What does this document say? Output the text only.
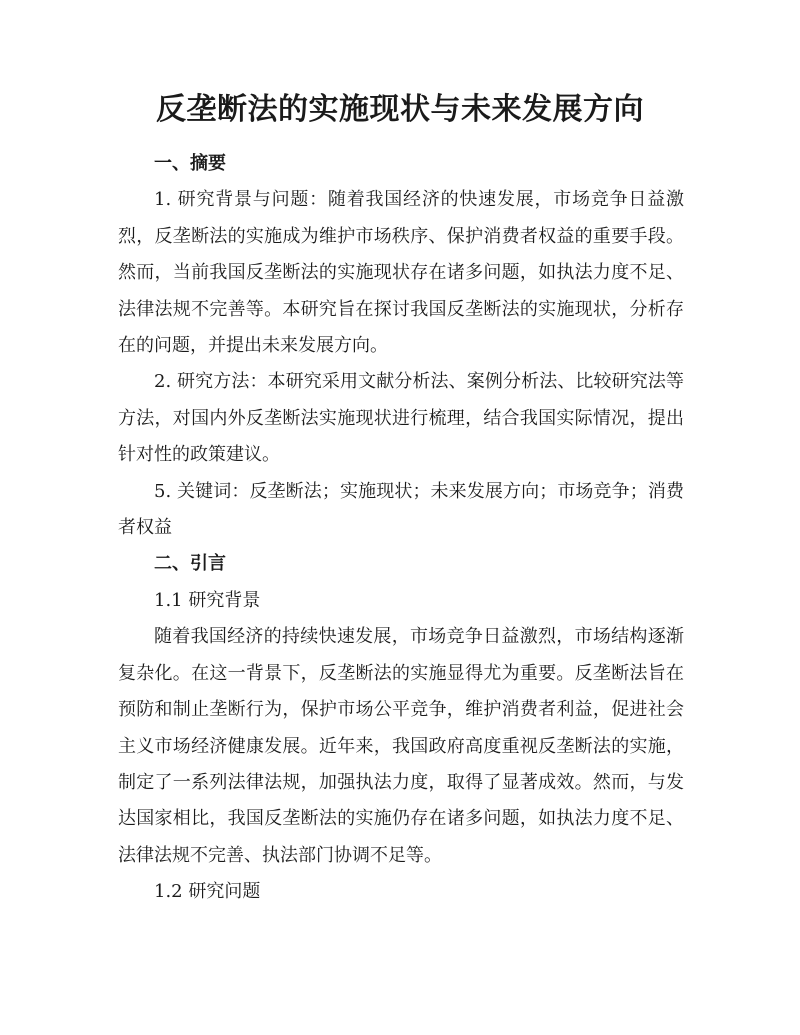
反垄断法的实施现状与未来发展方向
一、摘要

1. 研究背景与问题：随着我国经济的快速发展，市场竞争日益激烈，反垄断法的实施成为维护市场秩序、保护消费者权益的重要手段。然而，当前我国反垄断法的实施现状存在诸多问题，如执法力度不足、法律法规不完善等。本研究旨在探讨我国反垄断法的实施现状，分析存在的问题，并提出未来发展方向。

2. 研究方法：本研究采用文献分析法、案例分析法、比较研究法等方法，对国内外反垄断法实施现状进行梳理，结合我国实际情况，提出针对性的政策建议。

5. 关键词：反垄断法；实施现状；未来发展方向；市场竞争；消费者权益

二、引言
1.1 研究背景

随着我国经济的持续快速发展，市场竞争日益激烈，市场结构逐渐复杂化。在这一背景下，反垄断法的实施显得尤为重要。反垄断法旨在预防和制止垄断行为，保护市场公平竞争，维护消费者利益，促进社会主义市场经济健康发展。近年来，我国政府高度重视反垄断法的实施，制定了一系列法律法规，加强执法力度，取得了显著成效。然而，与发达国家相比，我国反垄断法的实施仍存在诸多问题，如执法力度不足、法律法规不完善、执法部门协调不足等。

1.2 研究问题
